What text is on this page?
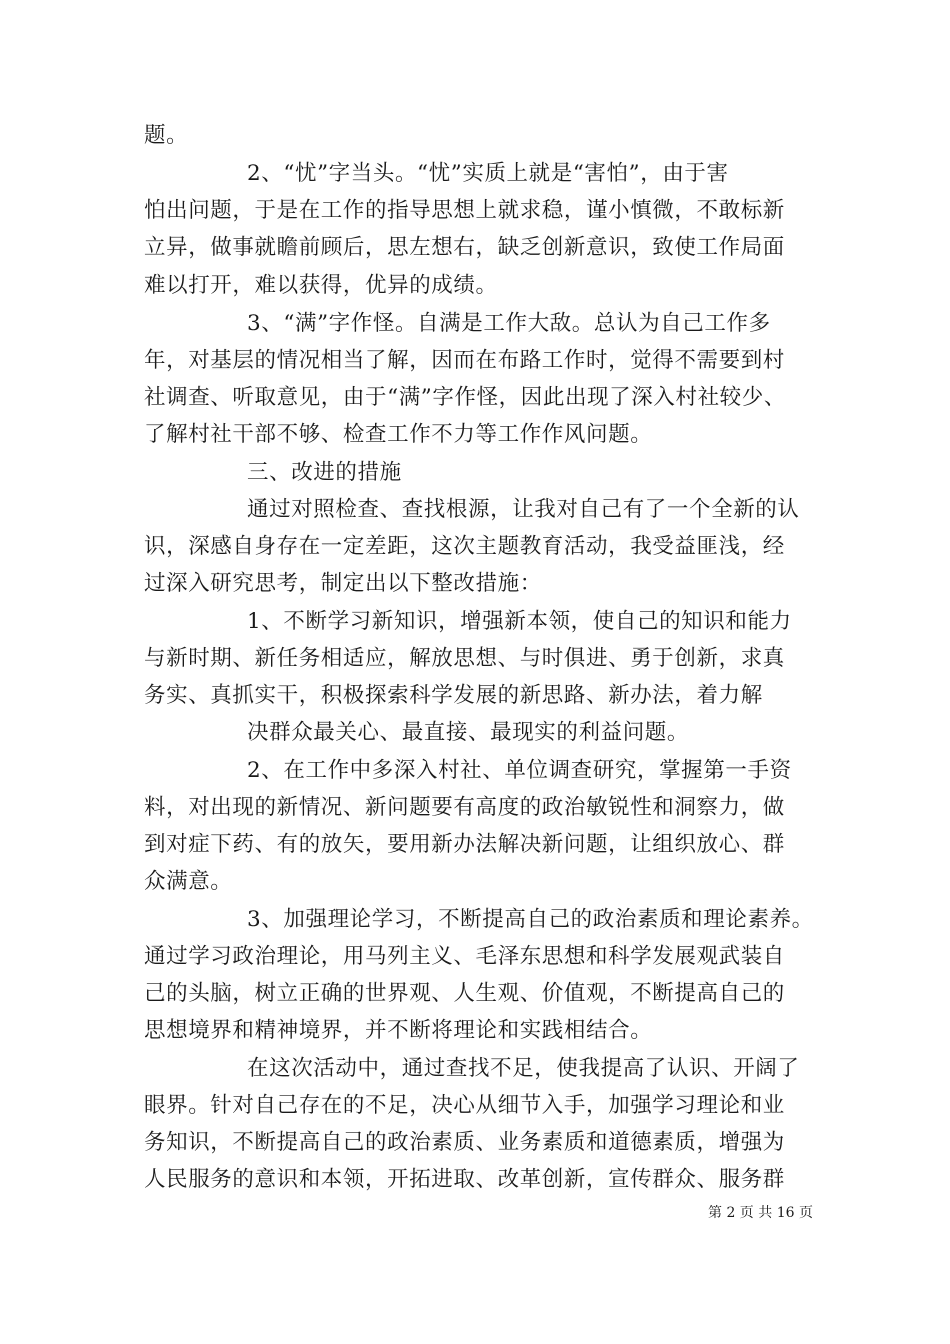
题。
2、“忧”字当头。“忧”实质上就是“害怕”，由于害
怕出问题，于是在工作的指导思想上就求稳，谨小慎微，不敢标新
立异，做事就瞻前顾后，思左想右，缺乏创新意识，致使工作局面
难以打开，难以获得，优异的成绩。
3、“满”字作怪。自满是工作大敌。总认为自己工作多
年，对基层的情况相当了解，因而在布路工作时，觉得不需要到村
社调查、听取意见，由于“满”字作怪，因此出现了深入村社较少、
了解村社干部不够、检查工作不力等工作作风问题。
三、改进的措施
通过对照检查、查找根源，让我对自己有了一个全新的认
识，深感自身存在一定差距，这次主题教育活动，我受益匪浅，经
过深入研究思考，制定出以下整改措施：
1、不断学习新知识，增强新本领，使自己的知识和能力
与新时期、新任务相适应，解放思想、与时俱进、勇于创新，求真
务实、真抓实干，积极探索科学发展的新思路、新办法，着力解
决群众最关心、最直接、最现实的利益问题。
2、在工作中多深入村社、单位调查研究，掌握第一手资
料，对出现的新情况、新问题要有高度的政治敏锐性和洞察力，做
到对症下药、有的放矢，要用新办法解决新问题，让组织放心、群
众满意。
3、加强理论学习，不断提高自己的政治素质和理论素养。
通过学习政治理论，用马列主义、毛泽东思想和科学发展观武装自
己的头脑，树立正确的世界观、人生观、价值观，不断提高自己的
思想境界和精神境界，并不断将理论和实践相结合。
在这次活动中，通过查找不足，使我提高了认识、开阔了
眼界。针对自己存在的不足，决心从细节入手，加强学习理论和业
务知识，不断提高自己的政治素质、业务素质和道德素质，增强为
人民服务的意识和本领，开拓进取、改革创新，宣传群众、服务群
第 2 页 共 16 页
